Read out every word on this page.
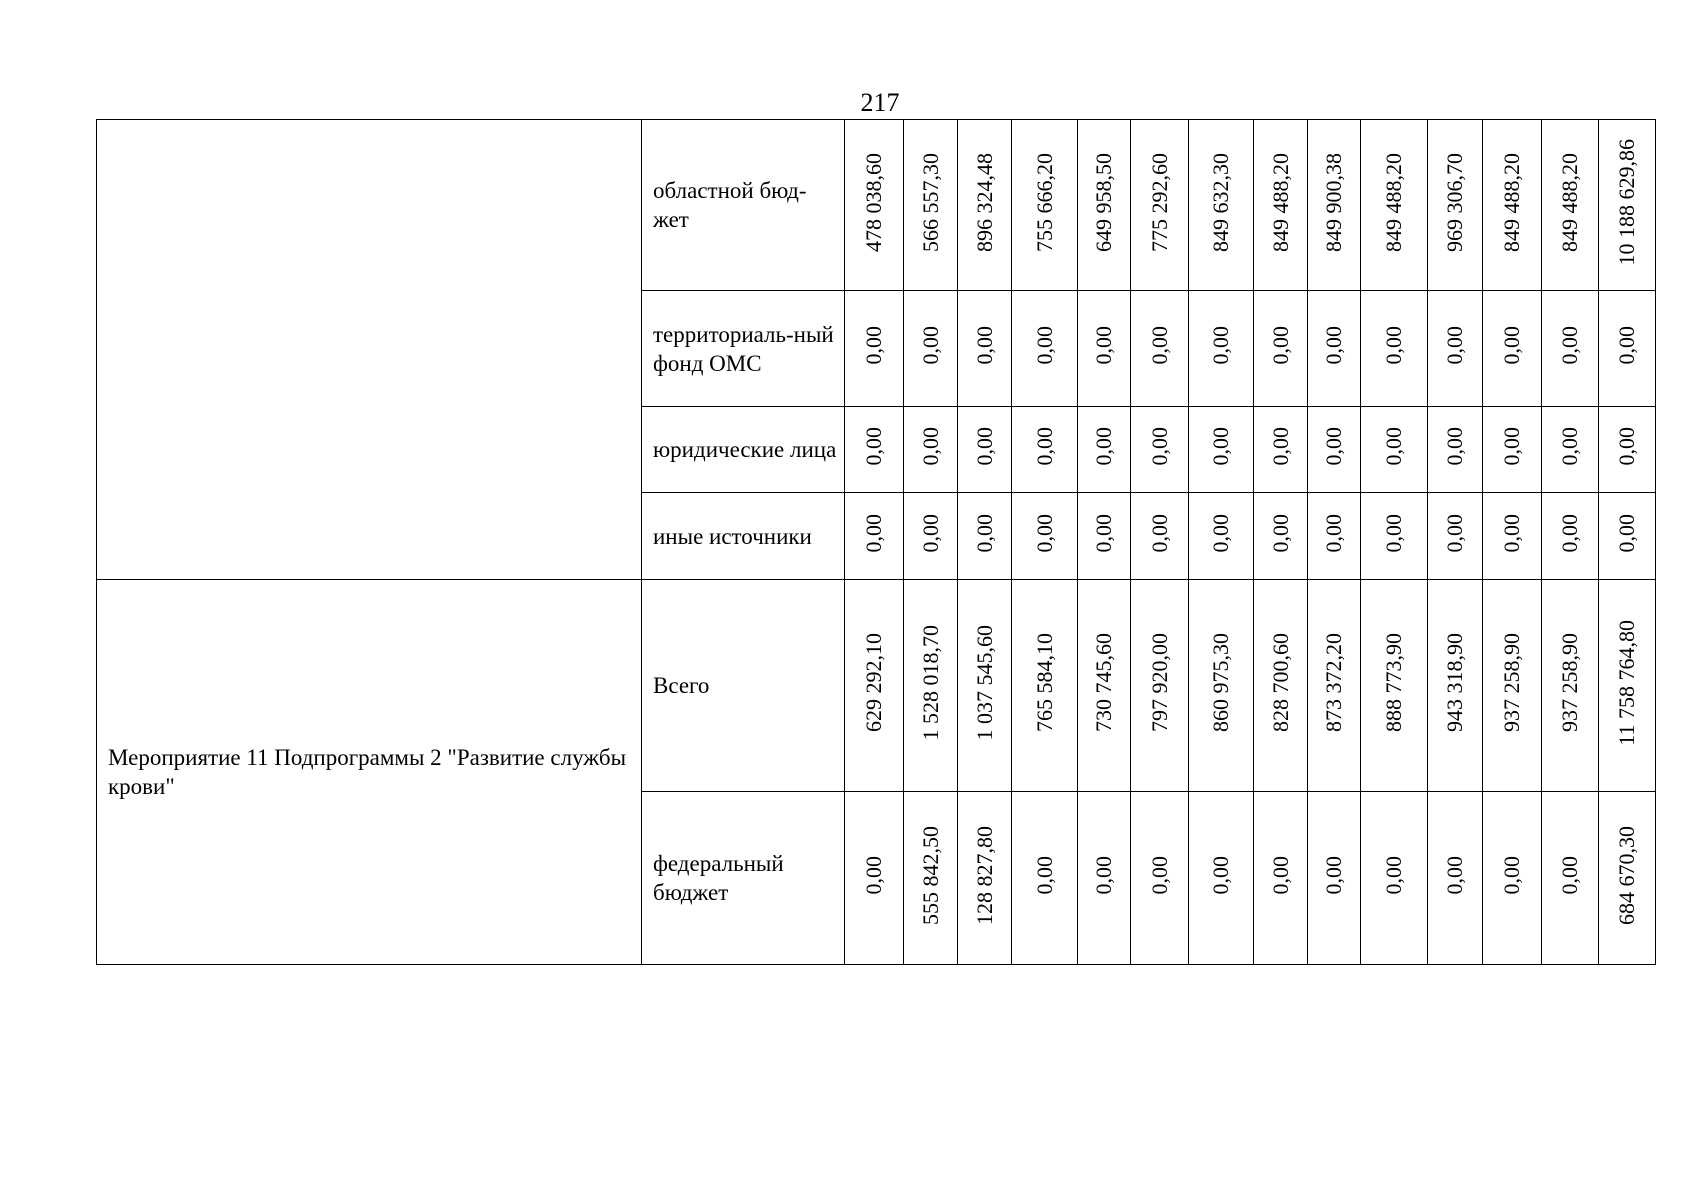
217
	областной бюд-жет	478 038,60	566 557,30	896 324,48	755 666,20	649 958,50	775 292,60	849 632,30	849 488,20	849 900,38	849 488,20	969 306,70	849 488,20	849 488,20	10 188 629,86
	территориаль-ный фонд ОМС	0,00	0,00	0,00	0,00	0,00	0,00	0,00	0,00	0,00	0,00	0,00	0,00	0,00	0,00
	юридические лица	0,00	0,00	0,00	0,00	0,00	0,00	0,00	0,00	0,00	0,00	0,00	0,00	0,00	0,00
	иные источники	0,00	0,00	0,00	0,00	0,00	0,00	0,00	0,00	0,00	0,00	0,00	0,00	0,00	0,00
Мероприятие 11 Подпрограммы 2 "Развитие службы крови"	Всего	629 292,10	1 528 018,70	1 037 545,60	765 584,10	730 745,60	797 920,00	860 975,30	828 700,60	873 372,20	888 773,90	943 318,90	937 258,90	937 258,90	11 758 764,80
	федеральный бюджет	0,00	555 842,50	128 827,80	0,00	0,00	0,00	0,00	0,00	0,00	0,00	0,00	0,00	0,00	684 670,30
